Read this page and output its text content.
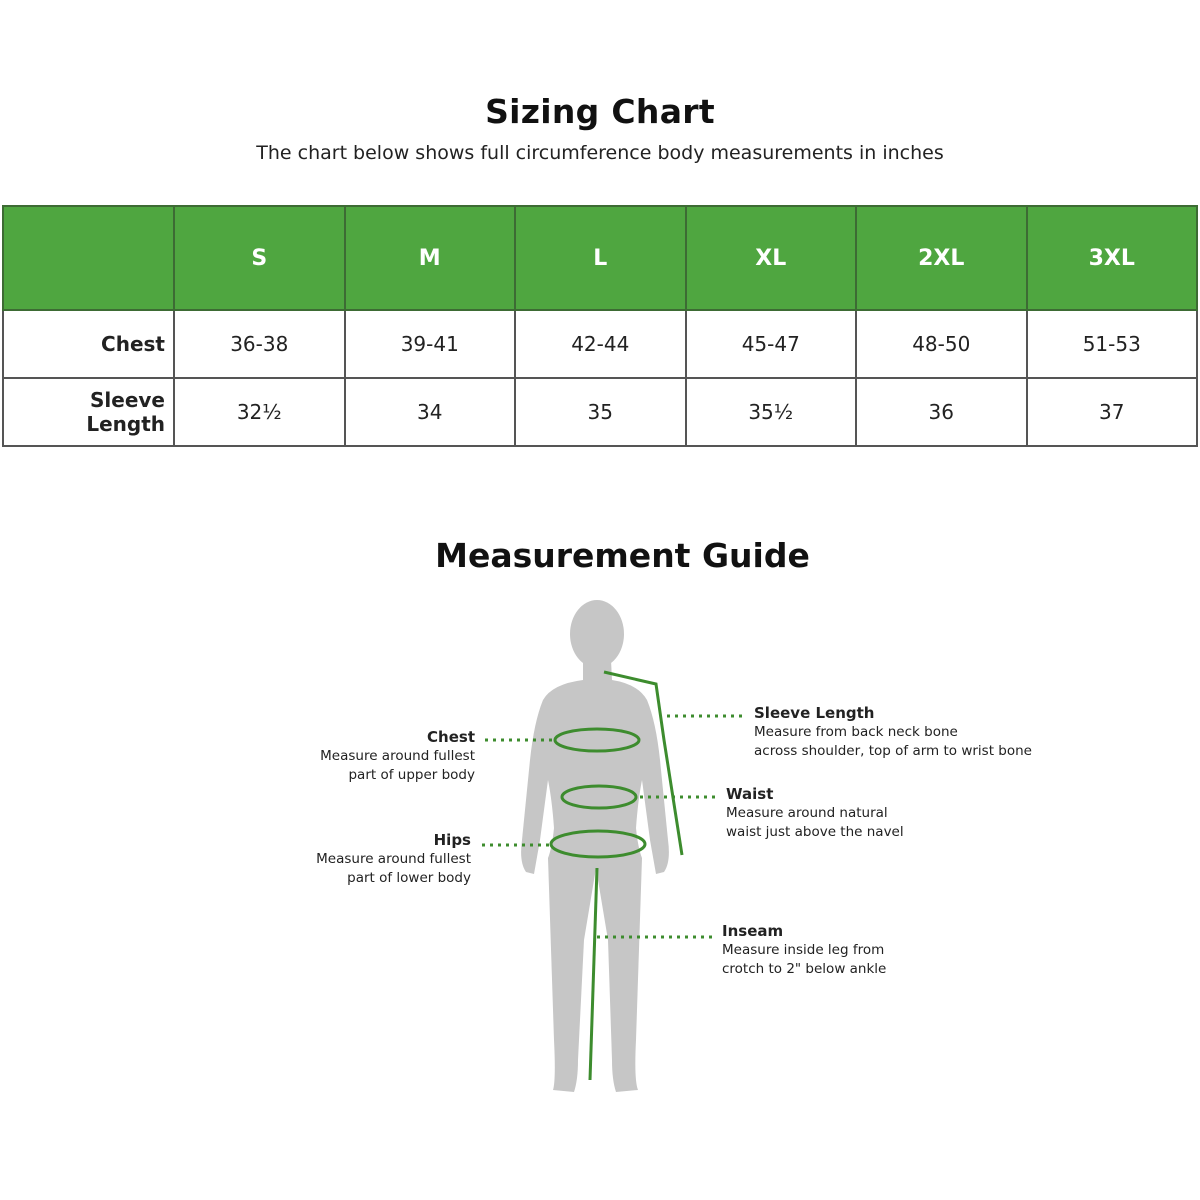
Sizing Chart
The chart below shows full circumference body measurements in inches
	S	M	L	XL	2XL	3XL
Chest	36-38	39-41	42-44	45-47	48-50	51-53
Sleeve Length	32½	34	35	35½	36	37
Measurement Guide
Chest
Measure around fullest
part of upper body
Hips
Measure around fullest
part of lower body
Sleeve Length
Measure from back neck bone
across shoulder, top of arm to wrist bone
Waist
Measure around natural
waist just above the navel
Inseam
Measure inside leg from
crotch to 2" below ankle
